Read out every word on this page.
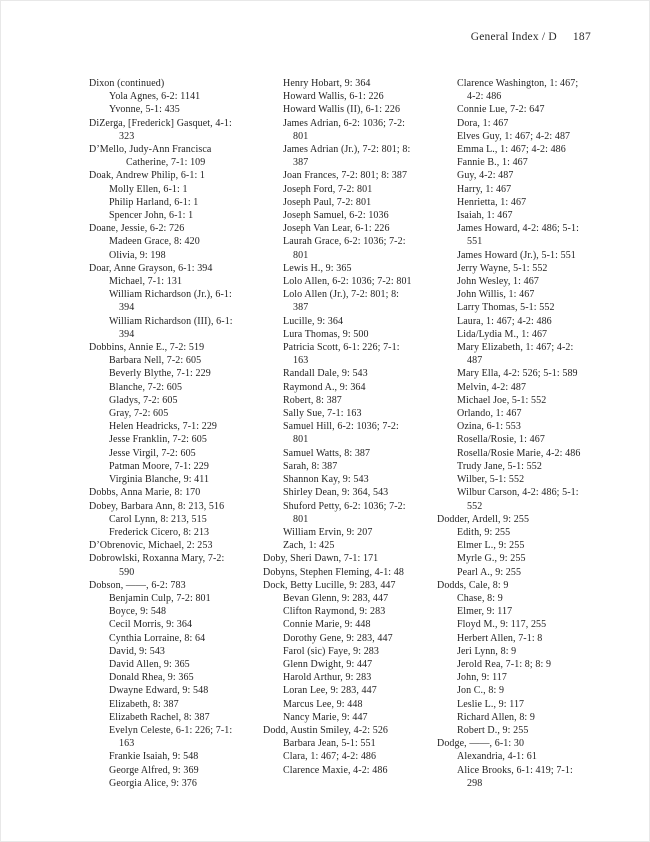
General Index / D 187
Dixon (continued)
Yola Agnes, 6-2: 1141
Yvonne, 5-1: 435
DiZerga, [Frederick] Gasquet, 4-1:
323
D’Mello, Judy-Ann Francisca
Catherine, 7-1: 109
Doak, Andrew Philip, 6-1: 1
Molly Ellen, 6-1: 1
Philip Harland, 6-1: 1
Spencer John, 6-1: 1
Doane, Jessie, 6-2: 726
Madeen Grace, 8: 420
Olivia, 9: 198
Doar, Anne Grayson, 6-1: 394
Michael, 7-1: 131
William Richardson (Jr.), 6-1:
394
William Richardson (III), 6-1:
394
Dobbins, Annie E., 7-2: 519
Barbara Nell, 7-2: 605
Beverly Blythe, 7-1: 229
Blanche, 7-2: 605
Gladys, 7-2: 605
Gray, 7-2: 605
Helen Headricks, 7-1: 229
Jesse Franklin, 7-2: 605
Jesse Virgil, 7-2: 605
Patman Moore, 7-1: 229
Virginia Blanche, 9: 411
Dobbs, Anna Marie, 8: 170
Dobey, Barbara Ann, 8: 213, 516
Carol Lynn, 8: 213, 515
Frederick Cicero, 8: 213
D’Obrenovic, Michael, 2: 253
Dobrowlski, Roxanna Mary, 7-2:
590
Dobson, ——, 6-2: 783
Benjamin Culp, 7-2: 801
Boyce, 9: 548
Cecil Morris, 9: 364
Cynthia Lorraine, 8: 64
David, 9: 543
David Allen, 9: 365
Donald Rhea, 9: 365
Dwayne Edward, 9: 548
Elizabeth, 8: 387
Elizabeth Rachel, 8: 387
Evelyn Celeste, 6-1: 226; 7-1:
163
Frankie Isaiah, 9: 548
George Alfred, 9: 369
Georgia Alice, 9: 376
Henry Hobart, 9: 364
Howard Wallis, 6-1: 226
Howard Wallis (II), 6-1: 226
James Adrian, 6-2: 1036; 7-2:
801
James Adrian (Jr.), 7-2: 801; 8:
387
Joan Frances, 7-2: 801; 8: 387
Joseph Ford, 7-2: 801
Joseph Paul, 7-2: 801
Joseph Samuel, 6-2: 1036
Joseph Van Lear, 6-1: 226
Laurah Grace, 6-2: 1036; 7-2:
801
Lewis H., 9: 365
Lolo Allen, 6-2: 1036; 7-2: 801
Lolo Allen (Jr.), 7-2: 801; 8:
387
Lucille, 9: 364
Lura Thomas, 9: 500
Patricia Scott, 6-1: 226; 7-1:
163
Randall Dale, 9: 543
Raymond A., 9: 364
Robert, 8: 387
Sally Sue, 7-1: 163
Samuel Hill, 6-2: 1036; 7-2:
801
Samuel Watts, 8: 387
Sarah, 8: 387
Shannon Kay, 9: 543
Shirley Dean, 9: 364, 543
Shuford Petty, 6-2: 1036; 7-2:
801
William Ervin, 9: 207
Zach, 1: 425
Doby, Sheri Dawn, 7-1: 171
Dobyns, Stephen Fleming, 4-1: 48
Dock, Betty Lucille, 9: 283, 447
Bevan Glenn, 9: 283, 447
Clifton Raymond, 9: 283
Connie Marie, 9: 448
Dorothy Gene, 9: 283, 447
Farol (sic) Faye, 9: 283
Glenn Dwight, 9: 447
Harold Arthur, 9: 283
Loran Lee, 9: 283, 447
Marcus Lee, 9: 448
Nancy Marie, 9: 447
Dodd, Austin Smiley, 4-2: 526
Barbara Jean, 5-1: 551
Clara, 1: 467; 4-2: 486
Clarence Maxie, 4-2: 486
Clarence Washington, 1: 467;
4-2: 486
Connie Lue, 7-2: 647
Dora, 1: 467
Elves Guy, 1: 467; 4-2: 487
Emma L., 1: 467; 4-2: 486
Fannie B., 1: 467
Guy, 4-2: 487
Harry, 1: 467
Henrietta, 1: 467
Isaiah, 1: 467
James Howard, 4-2: 486; 5-1:
551
James Howard (Jr.), 5-1: 551
Jerry Wayne, 5-1: 552
John Wesley, 1: 467
John Willis, 1: 467
Larry Thomas, 5-1: 552
Laura, 1: 467; 4-2: 486
Lida/Lydia M., 1: 467
Mary Elizabeth, 1: 467; 4-2:
487
Mary Ella, 4-2: 526; 5-1: 589
Melvin, 4-2: 487
Michael Joe, 5-1: 552
Orlando, 1: 467
Ozina, 6-1: 553
Rosella/Rosie, 1: 467
Rosella/Rosie Marie, 4-2: 486
Trudy Jane, 5-1: 552
Wilber, 5-1: 552
Wilbur Carson, 4-2: 486; 5-1:
552
Dodder, Ardell, 9: 255
Edith, 9: 255
Elmer L., 9: 255
Myrle G., 9: 255
Pearl A., 9: 255
Dodds, Cale, 8: 9
Chase, 8: 9
Elmer, 9: 117
Floyd M., 9: 117, 255
Herbert Allen, 7-1: 8
Jeri Lynn, 8: 9
Jerold Rea, 7-1: 8; 8: 9
John, 9: 117
Jon C., 8: 9
Leslie L., 9: 117
Richard Allen, 8: 9
Robert D., 9: 255
Dodge, ——, 6-1: 30
Alexandria, 4-1: 61
Alice Brooks, 6-1: 419; 7-1:
298
